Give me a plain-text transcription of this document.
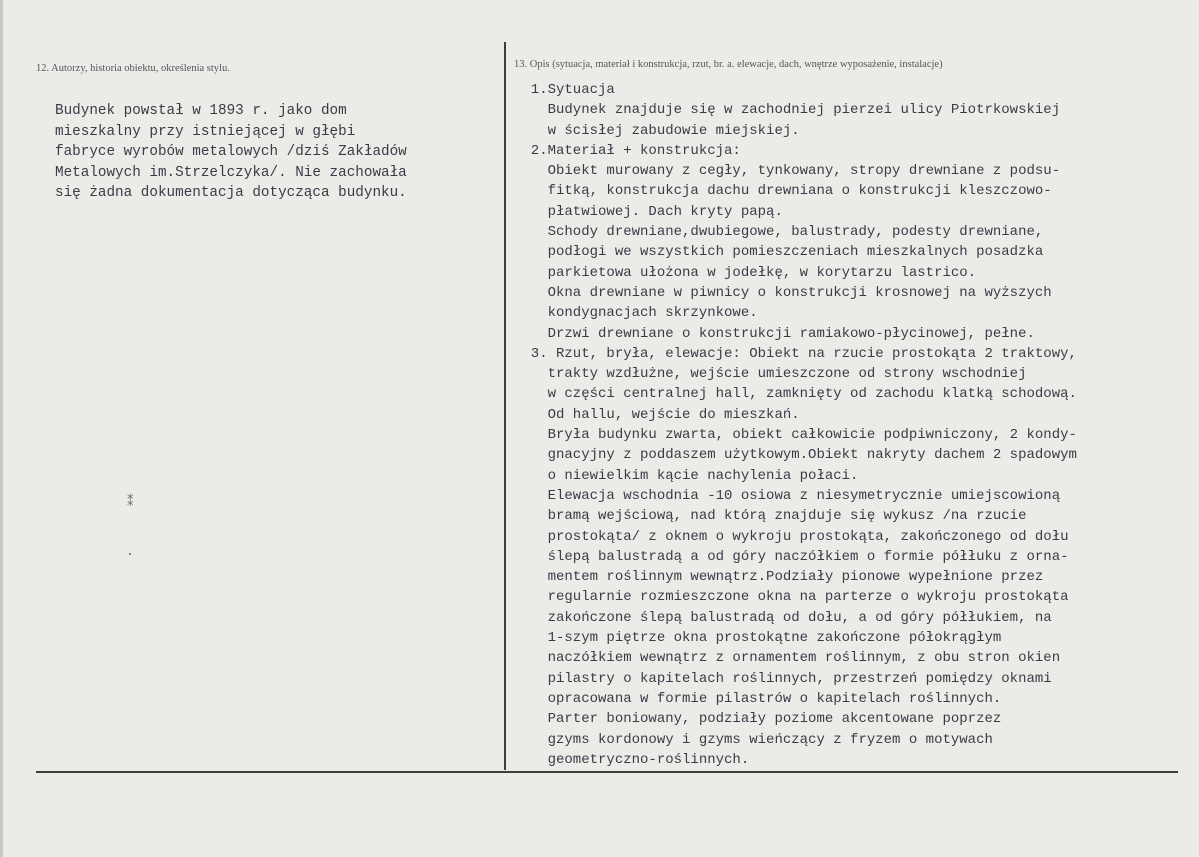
12. Autorzy, historia obiektu, określenia stylu.	13. Opis (sytuacja, materiał i konstrukcja, rzut, br. a. elewacje, dach, wnętrze wyposażenie, instalacje)
Budynek powstał w 1893 r. jako dom
mieszkalny przy istniejącej w głębi
fabryce wyrobów metalowych /dziś Zakładów
Metalowych im.Strzelczyka/. Nie zachowała
się żadna dokumentacja dotycząca budynku.
1.Sytuacja
Budynek znajduje się w zachodniej pierzei ulicy Piotrkowskiej
w ścisłej zabudowie miejskiej.
2.Materiał + konstrukcja:
Obiekt murowany z cegły, tynkowany, stropy drewniane z podsu-
fitką, konstrukcja dachu drewniana o konstrukcji kleszczowo-
płatwiowej. Dach kryty papą.
Schody drewniane,dwubiegowe, balustrady, podesty drewniane,
podłogi we wszystkich pomieszczeniach mieszkalnych posadzka
parkietowa ułożona w jodełkę, w korytarzu lastrico.
Okna drewniane w piwnicy o konstrukcji krosnowej na wyższych
kondygnacjach skrzynkowe.
Drzwi drewniane o konstrukcji ramiakowo-płycinowej, pełne.
3. Rzut, bryła, elewacje: Obiekt na rzucie prostokąta 2 traktowy,
trakty wzdłużne, wejście umieszczone od strony wschodniej
w części centralnej hall, zamknięty od zachodu klatką schodową.
Od hallu, wejście do mieszkań.
Bryła budynku zwarta, obiekt całkowicie podpiwniczony, 2 kondy-
gnacyjny z poddaszem użytkowym.Obiekt nakryty dachem 2 spadowym
o niewielkim kącie nachylenia połaci.
Elewacja wschodnia -10 osiowa z niesymetrycznie umiejscowioną
bramą wejściową, nad którą znajduje się wykusz /na rzucie
prostokąta/ z oknem o wykroju prostokąta, zakończonego od dołu
ślepą balustradą a od góry naczółkiem o formie półłuku z orna-
mentem roślinnym wewnątrz.Podziały pionowe wypełnione przez
regularnie rozmieszczone okna na parterze o wykroju prostokąta
zakończone ślepą balustradą od dołu, a od góry półłukiem, na
1-szym piętrze okna prostokątne zakończone półokrągłym
naczółkiem wewnątrz z ornamentem roślinnym, z obu stron okien
pilastry o kapitelach roślinnych, przestrzeń pomiędzy oknami
opracowana w formie pilastrów o kapitelach roślinnych.
Parter boniowany, podziały poziome akcentowane poprzez
gzyms kordonowy i gzyms wieńczący z fryzem o motywach
geometryczno-roślinnych.
⁑
